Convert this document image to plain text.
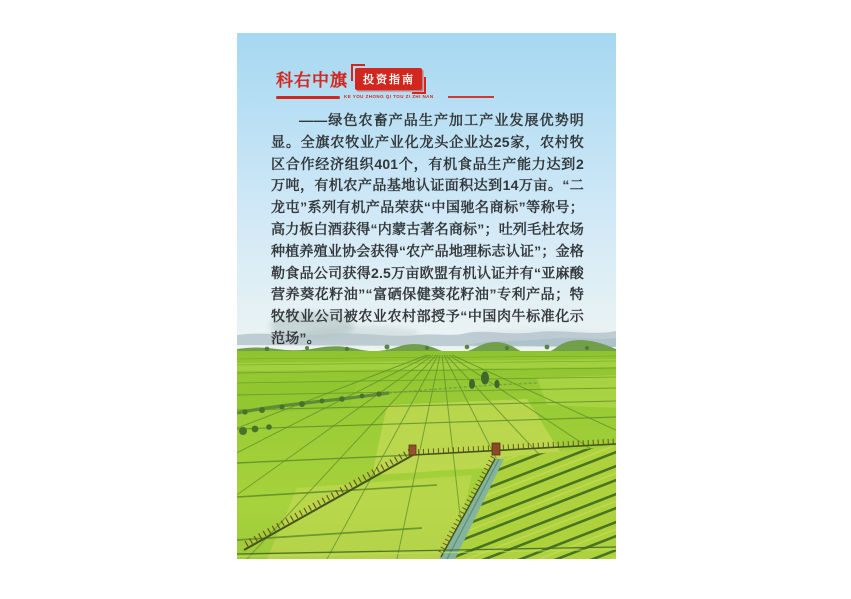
科右中旗	投资指南
KE YOU ZHONG QI TOU ZI ZHI NAN
——绿色农畜产品生产加工产业发展优势明显。全旗农牧业产业化龙头企业达25家，农村牧区合作经济组织401个，有机食品生产能力达到2万吨，有机农产品基地认证面积达到14万亩。“二龙屯”系列有机产品荣获“中国驰名商标”等称号；高力板白酒获得“内蒙古著名商标”；吐列毛杜农场种植养殖业协会获得“农产品地理标志认证”；金格勒食品公司获得2.5万亩欧盟有机认证并有“亚麻酸营养葵花籽油”“富硒保健葵花籽油”专利产品；特牧牧业公司被农业农村部授予“中国肉牛标准化示范场”。
